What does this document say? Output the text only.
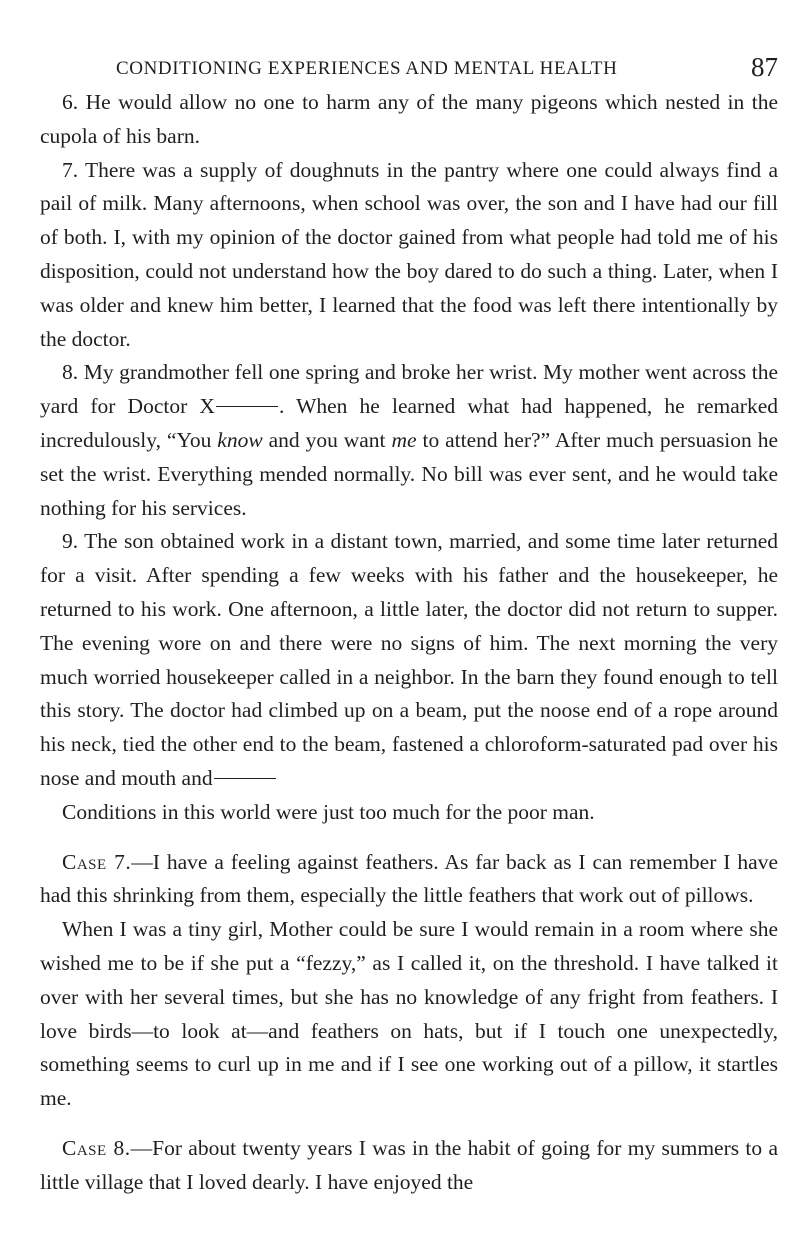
CONDITIONING EXPERIENCES AND MENTAL HEALTH	87

6. He would allow no one to harm any of the many pigeons which nested in the cupola of his barn.

7. There was a supply of doughnuts in the pantry where one could always find a pail of milk. Many afternoons, when school was over, the son and I have had our fill of both. I, with my opinion of the doctor gained from what people had told me of his disposition, could not understand how the boy dared to do such a thing. Later, when I was older and knew him better, I learned that the food was left there intentionally by the doctor.

8. My grandmother fell one spring and broke her wrist. My mother went across the yard for Doctor X	. When he learned what had happened, he remarked incredulously, “You know and you want me to attend her?” After much persuasion he set the wrist. Everything mended normally. No bill was ever sent, and he would take nothing for his services.

9. The son obtained work in a distant town, married, and some time later returned for a visit. After spending a few weeks with his father and the housekeeper, he returned to his work. One afternoon, a little later, the doctor did not return to supper. The evening wore on and there were no signs of him. The next morning the very much worried housekeeper called in a neighbor. In the barn they found enough to tell this story. The doctor had climbed up on a beam, put the noose end of a rope around his neck, tied the other end to the beam, fastened a chloroform-saturated pad over his nose and mouth and

Conditions in this world were just too much for the poor man.

Case 7.—I have a feeling against feathers. As far back as I can remember I have had this shrinking from them, especially the little feathers that work out of pillows.

When I was a tiny girl, Mother could be sure I would remain in a room where she wished me to be if she put a “fezzy,” as I called it, on the threshold. I have talked it over with her several times, but she has no knowledge of any fright from feathers. I love birds—to look at—and feathers on hats, but if I touch one unexpectedly, something seems to curl up in me and if I see one working out of a pillow, it startles me.

Case 8.—For about twenty years I was in the habit of going for my summers to a little village that I loved dearly. I have enjoyed the
